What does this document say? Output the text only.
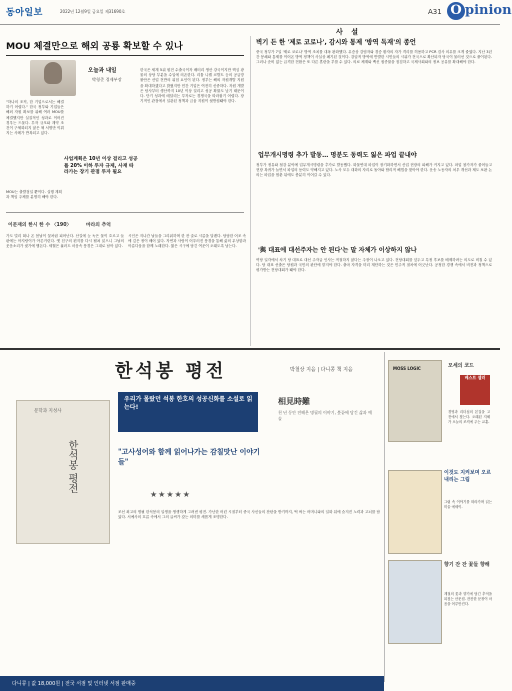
동아일보	2022년 12월9일 금요일 제31690호	A31 O pinion
MOU 체결만으로 해외 공룡 확보할 수 있나
오늘과 내일
박형준 경제부장
"하나의 조직, 한 기업으로서는 해결하기 어렵다." 한국 정부와 기업들은 해외 자원 확보를 위해 여러 MOU를 체결했지만 실질적인 성과로 이어진 경우는 드물다. 투자 규모와 계약 조건이 구체화되지 않은 채 서명만 이뤄지는 사례가 반복되고 있다.
사업계획은 10년 이상 걸리고 성공률 20% 이하 투자 규제, 사재 따라가는 장기 관점 투자 필요
한국은 세계 5위 원전 수출국이자 배터리 생산 강국이지만 핵심 광물의 상당 부분을 수입에 의존한다. 리튬 니켈 코발트 등의 공급망 불안은 산업 전반의 위험 요인이 된다. 정부는 해외 자원개발 지원을 확대하겠다고 밝혔지만 민간 기업은 여전히 신중하다. 자원 개발은 탐사부터 생산까지 10년 이상 걸리고 성공 확률도 낮기 때문이다. 단기 성과에 매달리는 투자로는 경쟁국을 따라잡기 어렵다. 장기적인 관점에서 일관된 정책과 금융 지원이 뒷받침돼야 한다.
MOU는 출발점일 뿐이다. 실행 계획과 책임 주체를 분명히 해야 한다.
사 설
벽기 든 한 '제로 코로나', 감시와 통제 '방역 독재'의 종언
중국 정부가 7일 '제로 코로나' 방역 조치를 대폭 완화했다. 무증상 감염자와 경증 환자의 자가 격리를 허용하고 PCR 검사 의무를 크게 줄였다. 지난 3년간 봉쇄와 통제를 이어온 방역 정책이 사실상 폐기된 것이다. 강압적 방역에 반발한 시민들의 시위가 전국으로 확산되자 당국이 물러선 것으로 풀이된다. 그러나 준비 없는 급격한 전환은 또 다른 혼란을 부를 수 있다. 의료 체계와 백신 접종률을 점검하고 국제사회와의 정보 공유를 확대해야 한다.
업무개시명령 추가 발동… 명분도 동력도 잃은 파업 끝내야
정부가 정유와 철강 분야에 업무개시명령을 추가로 발동했다. 화물연대 파업이 장기화하면서 산업 현장의 피해가 커지고 있다. 파업 참가자가 줄어들고 현장 복귀가 늘면서 파업의 동력도 약해지고 있다. 노사 모두 대화의 자리로 돌아와 합리적 해법을 찾아야 한다. 운송 노동자의 처우 개선과 제도 보완 논의는 파업을 멈춘 뒤에도 충분히 이어갈 수 있다.
'與 대표에 대선주자는 안 된다'는 말 자체가 이상하지 않나
여당 일각에서 차기 당 대표로 대선 주자급 인사는 적절하지 않다는 주장이 나오고 있다. 전당대회를 앞두고 특정 후보를 배제하려는 의도로 비칠 수 있다. 당 대표 선출은 당원과 국민의 판단에 맡겨야 한다. 출마 자격을 미리 재단하는 것은 민주적 절차에 어긋난다. 공정한 경쟁 속에서 비전과 정책으로 평가받는 전당대회가 돼야 한다.
이문재의 한시 한 수 〈190〉	마라의 추억
가도 멀리 떠나 온 봄날이 꽃처럼 피어난다. 산길에 눈 녹은 물이 흐르고 들판에는 아지랑이가 아른거린다. 옛 친구의 편지를 다시 펼쳐 읽으니 그날의 웃음소리가 귓가에 맴돈다. 세월은 흘러도 마음속 풍경은 그대로 남아 있다.
시인은 지나간 날들을 그리워하며 한 잔 술로 시름을 달랜다. 담담한 어조 속에 깊은 정이 배어 있다. 자연과 사람이 어우러진 풍경을 통해 삶의 무상함과 아름다움을 함께 노래한다. 짧은 시구에 담긴 여운이 오래도록 남는다.
한석봉 평전	박철상 지음 | 다니콩 책 지음
문학과 지성사
한석봉 평전
우리가 몰랐던 석봉 한호의 성공신화를 소설로 읽는다!
"고사성어와 함께 읽어나가는 감칠맛난 이야기들"
★★★★★
相見時難
천 년 동안 전해온 명필의 이야기, 붓끝에 담긴 삶과 예술
조선 최고의 명필 한석봉의 일생을 생생하게 그려낸 평전. 가난한 어린 시절부터 중국 사신들의 찬탄을 받기까지, 떡 써는 어머니와의 일화 뒤에 숨겨진 노력과 고뇌를 담았다. 서예사의 흐름 속에서 그의 글씨가 갖는 의미를 새롭게 조명한다.
MOSS LOGIC	모세의 코드
베스트 셀러
경영과 리더십의 본질을 고전에서 찾는다. 오래된 지혜가 오늘의 조직에 주는 교훈.
이것도 지켜보며 오르내리는 그림
그림 속 이야기를 따라가며 읽는 미술 에세이.
향기 잔 잔 꽃들 향해
계절의 꽃과 향기에 담긴 추억을 되짚는 산문집. 잔잔한 문장이 마음을 어루만진다.
다니콩 | 값 18,000원 | 전국 서점 및 인터넷 서점 판매중
